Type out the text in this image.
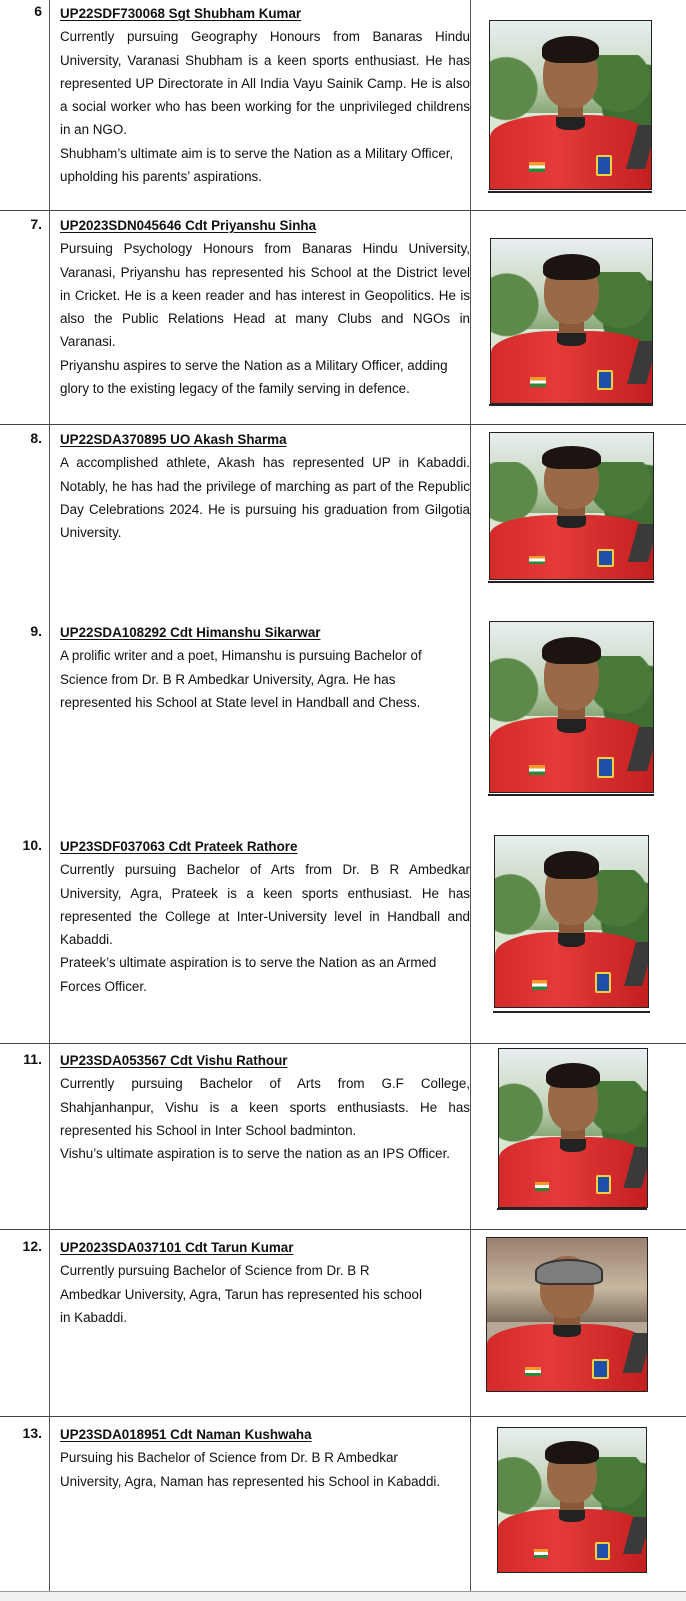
6 UP22SDF730068 Sgt Shubham Kumar

Currently pursuing Geography Honours from Banaras Hindu University, Varanasi Shubham is a keen sports enthusiast. He has represented UP Directorate in All India Vayu Sainik Camp. He is also a social worker who has been working for the unprivileged childrens in an NGO.

Shubham’s ultimate aim is to serve the Nation as a Military Officer, upholding his parents’ aspirations.

7. UP2023SDN045646 Cdt Priyanshu Sinha

Pursuing Psychology Honours from Banaras Hindu University, Varanasi, Priyanshu has represented his School at the District level in Cricket. He is a keen reader and has interest in Geopolitics. He is also the Public Relations Head at many Clubs and NGOs in Varanasi.

Priyanshu aspires to serve the Nation as a Military Officer, adding glory to the existing legacy of the family serving in defence.

8. UP22SDA370895 UO Akash Sharma

A accomplished athlete, Akash has represented UP in Kabaddi. Notably, he has had the privilege of marching as part of the Republic Day Celebrations 2024. He is pursuing his graduation from Gilgotia University.

9. UP22SDA108292 Cdt Himanshu Sikarwar

A prolific writer and a poet, Himanshu is pursuing Bachelor of Science from Dr. B R Ambedkar University, Agra. He has represented his School at State level in Handball and Chess.

10. UP23SDF037063 Cdt Prateek Rathore

Currently pursuing Bachelor of Arts from Dr. B R Ambedkar University, Agra, Prateek is a keen sports enthusiast. He has represented the College at Inter-University level in Handball and Kabaddi.

Prateek’s ultimate aspiration is to serve the Nation as an Armed Forces Officer.

11. UP23SDA053567 Cdt Vishu Rathour

Currently pursuing Bachelor of Arts from G.F College, Shahjanhanpur, Vishu is a keen sports enthusiasts. He has represented his School in Inter School badminton.

Vishu’s ultimate aspiration is to serve the nation as an IPS Officer.

12. UP2023SDA037101 Cdt Tarun Kumar

Currently pursuing Bachelor of Science from Dr. B R Ambedkar University, Agra, Tarun has represented his school in Kabaddi.

13. UP23SDA018951 Cdt Naman Kushwaha

Pursuing his Bachelor of Science from Dr. B R Ambedkar University, Agra, Naman has represented his School in Kabaddi.
